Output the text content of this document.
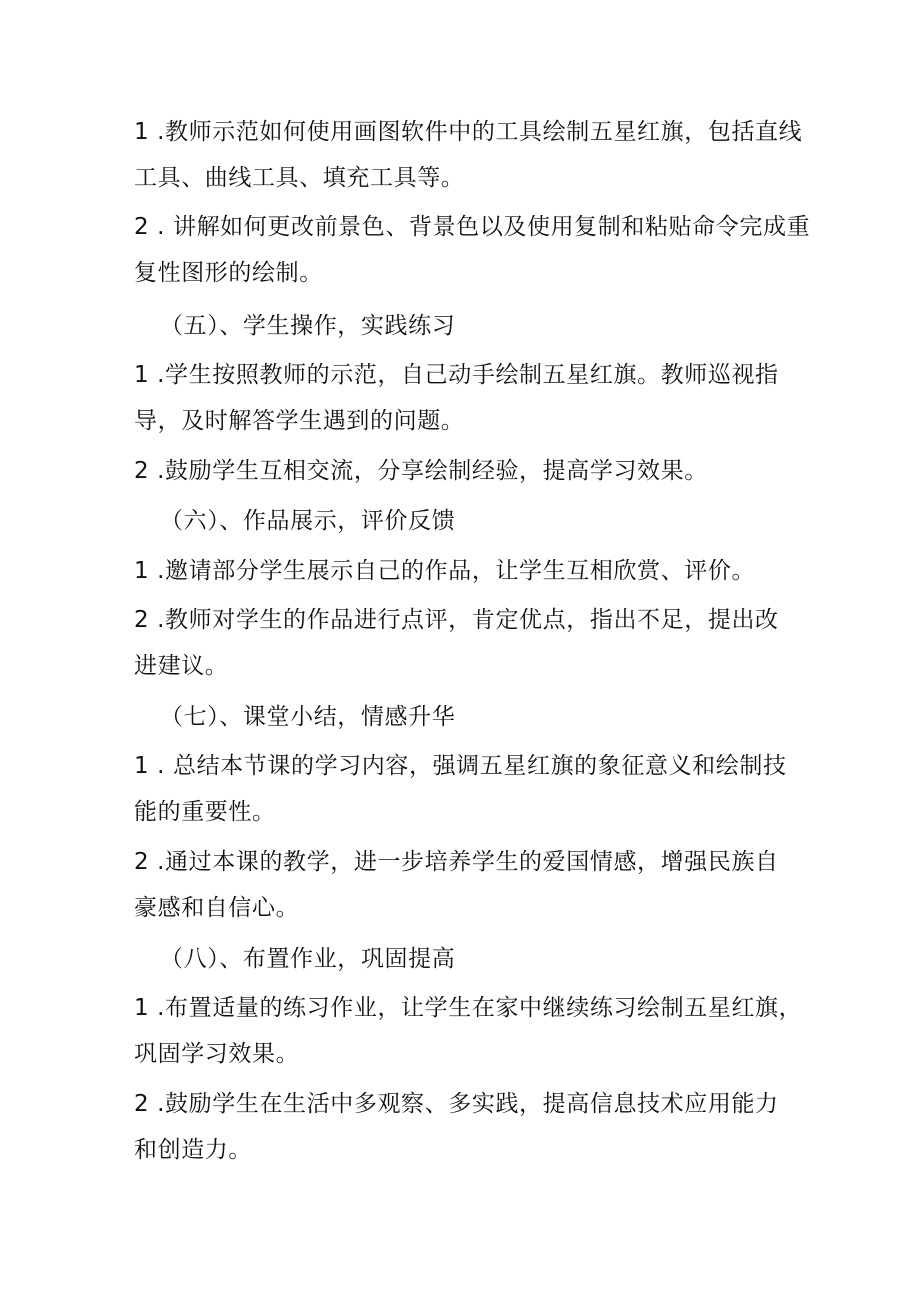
1 .教师示范如何使用画图软件中的工具绘制五星红旗，包括直线
工具、曲线工具、填充工具等。
2 . 讲解如何更改前景色、背景色以及使用复制和粘贴命令完成重
复性图形的绘制。
（五）、学生操作，实践练习
1 .学生按照教师的示范，自己动手绘制五星红旗。教师巡视指
导，及时解答学生遇到的问题。
2 .鼓励学生互相交流，分享绘制经验，提高学习效果。
（六）、作品展示，评价反馈
1 .邀请部分学生展示自己的作品，让学生互相欣赏、评价。
2 .教师对学生的作品进行点评，肯定优点，指出不足，提出改
进建议。
（七）、课堂小结，情感升华
1 . 总结本节课的学习内容，强调五星红旗的象征意义和绘制技
能的重要性。
2 .通过本课的教学，进一步培养学生的爱国情感，增强民族自
豪感和自信心。
（八）、布置作业，巩固提高
1 .布置适量的练习作业，让学生在家中继续练习绘制五星红旗，
巩固学习效果。
2 .鼓励学生在生活中多观察、多实践，提高信息技术应用能力
和创造力。
